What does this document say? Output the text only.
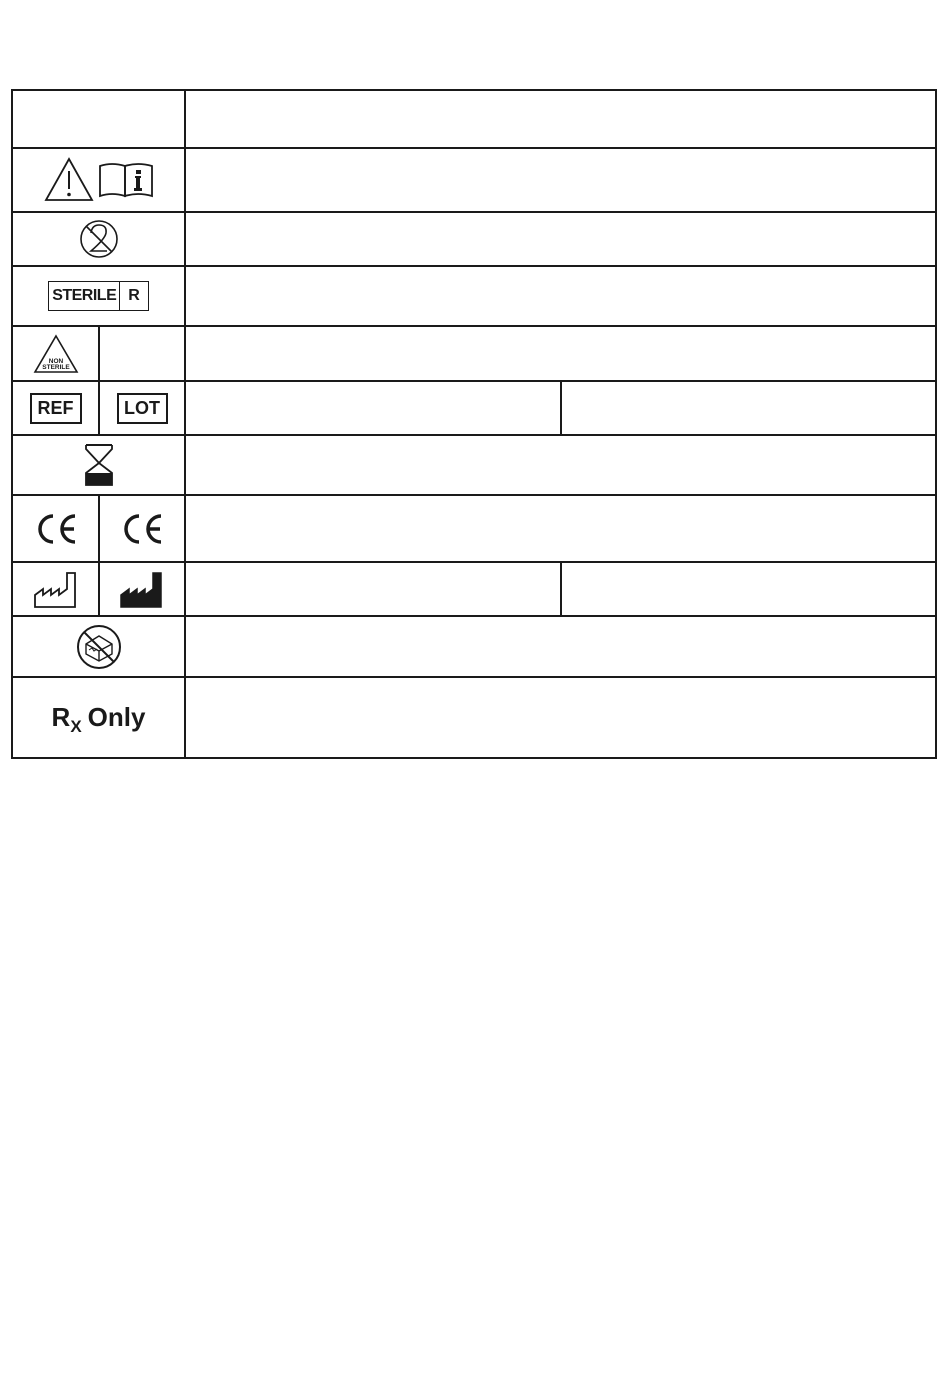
STERILE R
NON
STERILE
REF	LOT
R X Only
